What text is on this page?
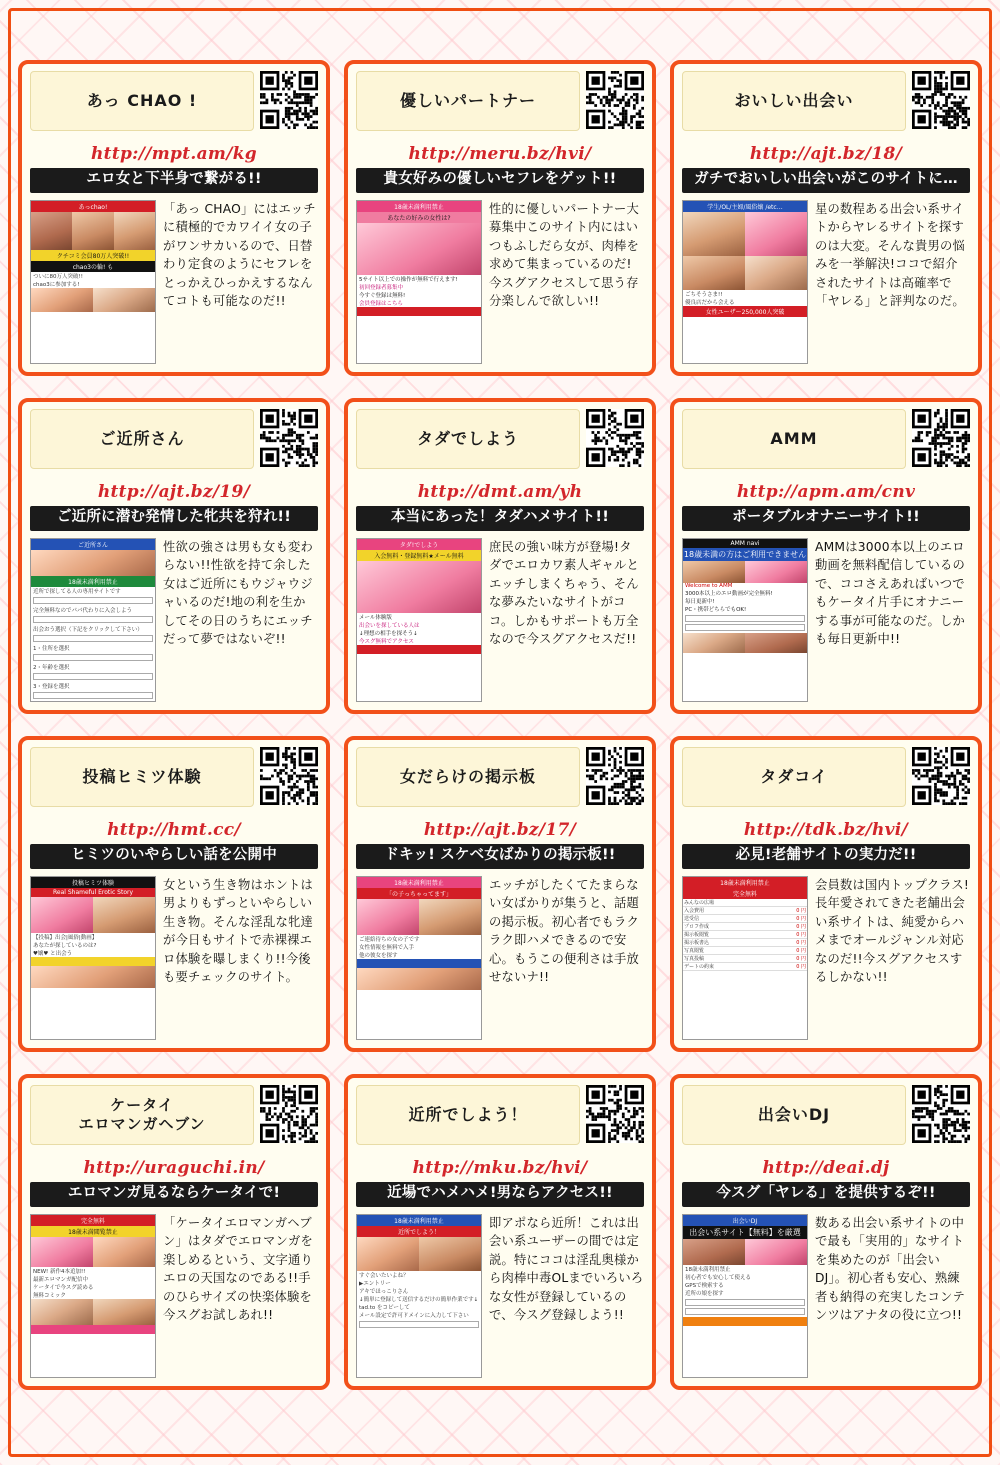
あっ CHAO !
http://mpt.am/kg
エロ女と下半身で繋がる!!
あっchao!
クチコミ会員80万人突破!!
chao3の輪! も
ついに80万人突破!!
chao3に参加する!
「あっ CHAO」にはエッチに積極的でカワイイ女の子がワンサカいるので、日替わり定食のようにセフレをとっかえひっかえするなんてコトも可能なのだ!!
優しいパートナー
http://meru.bz/hvi/
貴女好みの優しいセフレをゲット!!
18歳未満利用禁止
あなたの好みの女性は?
5サイト以上での操作が無料で行えます!
初回登録者募集中
今すぐ登録は無料!
会員登録はこちら

性的に優しいパートナー大募集中このサイト内にはいつもふしだら女が、肉棒を求めて集まっているのだ!今スグアクセスして思う存分楽しんで欲しい!!
おいしい出会い
http://ajt.bz/18/
ガチでおいしい出会いがこのサイトに…
学生/OL/主婦/風俗嬢 /etc…
ごちそうさま!!
優良店だから会える
女性ユーザー250,000人突破
星の数程ある出会い系サイトからヤレるサイトを探すのは大変。そんな貴男の悩みを一挙解決!ココで紹介されたサイトは高確率で「ヤレる」と評判なのだ。
ご近所さん
http://ajt.bz/19/
ご近所に潜む発情した牝共を狩れ!!
ご近所さん
18歳未満利用禁止
近所で探してる人の専用サイトです
完全無料なのでパパ代わりに入会しよう
出会おう選択（下記をクリックして下さい）
1・住所を選択
2・年齢を選択
3・登録を選択
性欲の強さは男も女も変わらない!!性欲を持て余した女はご近所にもウジャウジャいるのだ!地の利を生かしてその日のうちにエッチだって夢ではないぞ!!
タダでしよう
http://dmt.am/yh
本当にあった！タダハメサイト!!
タダ!でしよう
入会無料・登録無料★メール無料
メール体験版
出会いを探している人は
↓理想の相手を探そう↓
今スグ無料でアクセス

庶民の強い味方が登場!タダでエロカワ素人ギャルとエッチしまくちゃう、そんな夢みたいなサイトがココ。しかもサポートも万全なので今スグアクセスだ!!
AMM
http://apm.am/cnv
ポータブルオナニーサイト!!
AMM navi
18歳未満の方はご利用できません
Welcome to AMM
3000本以上のエロ動画が完全無料!
毎日更新中!
PC・携帯どちらでもOK!
AMMは3000本以上のエロ動画を無料配信しているので、ココさえあればいつでもケータイ片手にオナニーする事が可能なのだ。しかも毎日更新中!!
投稿ヒミツ体験
http://hmt.cc/
ヒミツのいやらしい話を公開中
投稿ヒミツ体験
Real Shameful Erotic Story
【投稿】出会|風俗|動画】
あなたが探しているのは?
♥嬢♥ と出会う

女という生き物はホントは男よりもずっといやらしい生き物。そんな淫乱な牝達が今日もサイトで赤裸裸エロ体験を曝しまくり!!今後も要チェックのサイト。
女だらけの掲示板
http://ajt.bz/17/
ドキッ! スケベ女ばかりの掲示板!!
18歳未満利用禁止
「の子っちゃってます」
ご連絡待ちの女の子です
女性情報を無料で入手
他の彼女を探す

エッチがしたくてたまらない女ばかりが集うと、話題の掲示板。初心者でもラクラク即ハメできるので安心。もうこの便利さは手放せないナ!!
タダコイ
http://tdk.bz/hvi/
必見!老舗サイトの実力だ!!
18歳未満利用禁止
完全無料
みんなの広場
入会費用	0 円
送受信	0 円
プロフ作成	0 円
掲示板閲覧	0 円
掲示板書込	0 円
写真閲覧	0 円
写真投稿	0 円
デートの約束	0 円
会員数は国内トップクラス!長年愛されてきた老舗出会い系サイトは、純愛からハメまでオールジャンル対応なのだ!!今スグアクセスするしかない!!
ケータイ
エロマンガヘブン
http://uraguchi.in/
エロマンガ見るならケータイで!
完全無料
18歳未満閲覧禁止
NEW! 新作4本追加!!
最新エロマンガ配信中
ケータイで今スグ読める
無料コミック

「ケータイエロマンガヘブン」はタダでエロマンガを楽しめるという、文字通りエロの天国なのである!!手のひらサイズの快楽体験を今スグお試しあれ!!
近所でしよう！
http://mku.bz/hvi/
近場でハメハメ!男ならアクセス!!
18歳未満利用禁止
近所でしよう！
すぐ会いたいよね？
▶エントリー
アキでほっこりさん
↓簡単に登録して送信するだけの簡単作業です↓
tad.to をコピーして
メール設定で許可ドメインに入力して下さい
即アポなら近所！これは出会い系ユーザーの間では定説。特にココは淫乱奥様から肉棒中毒OLまでいろいろな女性が登録しているので、今スグ登録しよう!!
出会いDJ
http://deai.dj
今スグ「ヤレる」を提供するぞ!!
出会いDJ
出会い系サイト【無料】を厳選
18歳未満利用禁止
初心者でも安心して使える
GPSで検索する
近所の娘を探す

数ある出会い系サイトの中で最も「実用的」なサイトを集めたのが「出会いDJ」。初心者も安心、熟練者も納得の充実したコンテンツはアナタの役に立つ!!
